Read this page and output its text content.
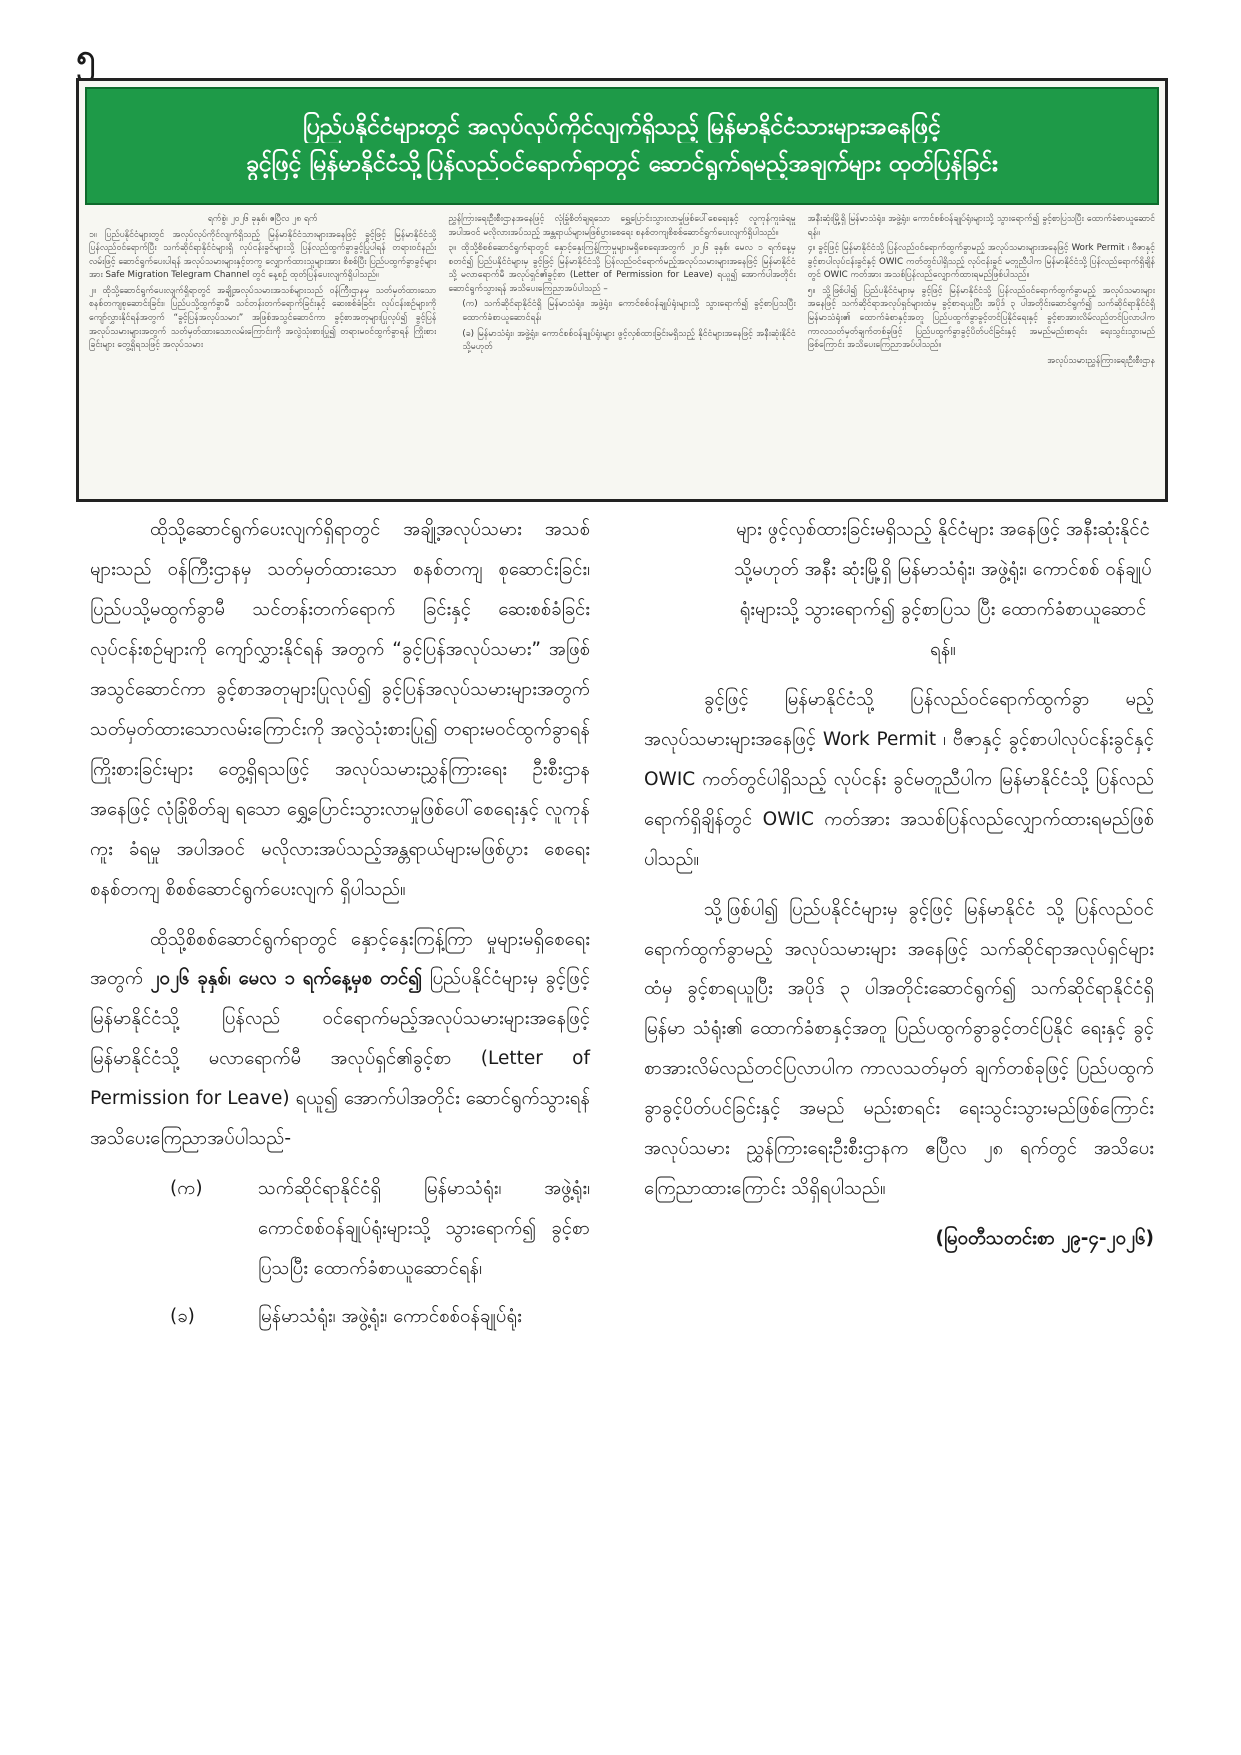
၅
ပြည်ပနိုင်ငံများတွင် အလုပ်လုပ်ကိုင်လျက်ရှိသည့် မြန်မာနိုင်ငံသားများအနေဖြင့်
ခွင့်ဖြင့် မြန်မာနိုင်ငံသို့ပြန်လည်ဝင်ရောက်ရာတွင် ဆောင်ရွက်ရမည့်အချက်များ ထုတ်ပြန်ခြင်း

ရက်စွဲ၊ ၂၀၂၆ ခုနှစ်၊ ဧပြီလ ၂၈ ရက်

၁။ ပြည်ပနိုင်ငံများတွင် အလုပ်လုပ်ကိုင်လျက်ရှိသည့် မြန်မာနိုင်ငံသားများအနေဖြင့် ခွင့်ဖြင့် မြန်မာနိုင်ငံသို့ပြန်လည်ဝင်ရောက်ပြီး သက်ဆိုင်ရာနိုင်ငံများရှိ လုပ်ငန်းခွင်များသို့ ပြန်လည်ထွက်ခွာခွင့်ပြုပါရန် တရားဝင်နည်းလမ်းဖြင့် ဆောင်ရွက်ပေးပါရန် အလုပ်သမားများနှင့်တကွ လျှောက်ထားသူများအား စိစစ်ပြီး ပြည်ပထွက်ခွာခွင့်များအား Safe Migration Telegram Channel တွင် နေ့စဉ် ထုတ်ပြန်ပေးလျက်ရှိပါသည်။

၂။ ထိုသို့ဆောင်ရွက်ပေးလျက်ရှိရာတွင် အချို့အလုပ်သမားအသစ်များသည် ဝန်ကြီးဌာနမှ သတ်မှတ်ထားသော စနစ်တကျစုဆောင်းခြင်း၊ ပြည်ပသို့ထွက်ခွာမီ သင်တန်းတက်ရောက်ခြင်းနှင့် ဆေးစစ်ခံခြင်း လုပ်ငန်းစဉ်များကို ကျော်လွှားနိုင်ရန်အတွက် “ခွင့်ပြန်အလုပ်သမား” အဖြစ်အသွင်ဆောင်ကာ ခွင့်စာအတုများပြုလုပ်၍ ခွင့်ပြန်အလုပ်သမားများအတွက် သတ်မှတ်ထားသောလမ်းကြောင်းကို အလွဲသုံးစားပြု၍ တရားမဝင်ထွက်ခွာရန် ကြိုးစားခြင်းများ တွေ့ရှိရသဖြင့် အလုပ်သမား

ညွှန်ကြားရေးဦးစီးဌာနအနေဖြင့် လုံခြုံစိတ်ချရသော ရွှေ့ပြောင်းသွားလာမှုဖြစ်ပေါ်စေရေးနှင့် လူကုန်ကူးခံရမှုအပါအဝင် မလိုလားအပ်သည့် အန္တရာယ်များမဖြစ်ပွားစေရေး စနစ်တကျစိစစ်ဆောင်ရွက်ပေးလျက်ရှိပါသည်။

၃။ ထိုသို့စိစစ်ဆောင်ရွက်ရာတွင် နှောင့်နှေးကြန့်ကြာမှုများမရှိစေရေးအတွက် ၂၀၂၆ ခုနှစ်၊ မေလ ၁ ရက်နေ့မှစတင်၍ ပြည်ပနိုင်ငံများမှ ခွင့်ဖြင့် မြန်မာနိုင်ငံသို့ ပြန်လည်ဝင်ရောက်မည့်အလုပ်သမားများအနေဖြင့် မြန်မာနိုင်ငံသို့ မလာရောက်မီ အလုပ်ရှင်၏ခွင့်စာ (Letter of Permission for Leave) ရယူ၍ အောက်ပါအတိုင်း ဆောင်ရွက်သွားရန် အသိပေးကြေညာအပ်ပါသည် –

(က) သက်ဆိုင်ရာနိုင်ငံရှိ မြန်မာသံရုံး၊ အဖွဲ့ရုံး၊ ကောင်စစ်ဝန်ချုပ်ရုံးများသို့ သွားရောက်၍ ခွင့်စာပြသပြီး ထောက်ခံစာယူဆောင်ရန်၊

(ခ) မြန်မာသံရုံး၊ အဖွဲ့ရုံး၊ ကောင်စစ်ဝန်ချုပ်ရုံးများ ဖွင့်လှစ်ထားခြင်းမရှိသည့် နိုင်ငံများအနေဖြင့် အနီးဆုံးနိုင်ငံ သို့မဟုတ်

အနီးဆုံးမြို့ရှိ မြန်မာသံရုံး၊ အဖွဲ့ရုံး၊ ကောင်စစ်ဝန်ချုပ်ရုံးများသို့ သွားရောက်၍ ခွင့်စာပြသပြီး ထောက်ခံစာယူဆောင်ရန်။

၄။ ခွင့်ဖြင့် မြန်မာနိုင်ငံသို့ ပြန်လည်ဝင်ရောက်ထွက်ခွာမည့် အလုပ်သမားများအနေဖြင့် Work Permit ၊ ဗီဇာနှင့် ခွင့်စာပါလုပ်ငန်းခွင်နှင့် OWIC ကတ်တွင်ပါရှိသည့် လုပ်ငန်းခွင် မတူညီပါက မြန်မာနိုင်ငံသို့ ပြန်လည်ရောက်ရှိချိန်တွင် OWIC ကတ်အား အသစ်ပြန်လည်လျှောက်ထားရမည်ဖြစ်ပါသည်။

၅။ သို့ဖြစ်ပါ၍ ပြည်ပနိုင်ငံများမှ ခွင့်ဖြင့် မြန်မာနိုင်ငံသို့ ပြန်လည်ဝင်ရောက်ထွက်ခွာမည့် အလုပ်သမားများအနေဖြင့် သက်ဆိုင်ရာအလုပ်ရှင်များထံမှ ခွင့်စာရယူပြီး အပိုဒ် ၃ ပါအတိုင်းဆောင်ရွက်၍ သက်ဆိုင်ရာနိုင်ငံရှိ မြန်မာသံရုံး၏ ထောက်ခံစာနှင့်အတူ ပြည်ပထွက်ခွာခွင့်တင်ပြနိုင်ရေးနှင့် ခွင့်စာအားလိမ်လည်တင်ပြလာပါက ကာလသတ်မှတ်ချက်တစ်ခုဖြင့် ပြည်ပထွက်ခွာခွင့်ပိတ်ပင်ခြင်းနှင့် အမည်မည်းစာရင်း ရေးသွင်းသွားမည်ဖြစ်ကြောင်း အသိပေးကြေညာအပ်ပါသည်။

အလုပ်သမားညွှန်ကြားရေးဦးစီးဌာန

ထိုသို့ဆောင်ရွက်ပေးလျက်ရှိရာတွင် အချို့အလုပ်သမား အသစ်များသည် ဝန်ကြီးဌာနမှ သတ်မှတ်ထားသော စနစ်တကျ စုဆောင်းခြင်း၊ ပြည်ပသို့မထွက်ခွာမီ သင်တန်းတက်ရောက် ခြင်းနှင့် ဆေးစစ်ခံခြင်းလုပ်ငန်းစဉ်များကို ကျော်လွှားနိုင်ရန် အတွက် “ခွင့်ပြန်အလုပ်သမား” အဖြစ် အသွင်ဆောင်ကာ ခွင့်စာအတုများပြုလုပ်၍ ခွင့်ပြန်အလုပ်သမားများအတွက် သတ်မှတ်ထားသောလမ်းကြောင်းကို အလွဲသုံးစားပြု၍ တရားမဝင်ထွက်ခွာရန်ကြိုးစားခြင်းများ တွေ့ရှိရသဖြင့် အလုပ်သမားညွှန်ကြားရေး ဦးစီးဌာနအနေဖြင့် လုံခြုံစိတ်ချ ရသော ရွှေ့ပြောင်းသွားလာမှုဖြစ်ပေါ်စေရေးနှင့် လူကုန်ကူး ခံရမှု အပါအဝင် မလိုလားအပ်သည့်အန္တရာယ်များမဖြစ်ပွား စေရေး စနစ်တကျ စိစစ်ဆောင်ရွက်ပေးလျက် ရှိပါသည်။

ထိုသို့စိစစ်ဆောင်ရွက်ရာတွင် နှောင့်နှေးကြန့်ကြာ မှုများမရှိစေရေးအတွက် ၂၀၂၆ ခုနှစ်၊ မေလ ၁ ရက်နေ့မှစ တင်၍ ပြည်ပနိုင်ငံများမှ ခွင့်ဖြင့် မြန်မာနိုင်ငံသို့ ပြန်လည် ဝင်ရောက်မည့်အလုပ်သမားများအနေဖြင့် မြန်မာနိုင်ငံသို့ မလာရောက်မီ အလုပ်ရှင်၏ခွင့်စာ (Letter of Permission for Leave) ရယူ၍ အောက်ပါအတိုင်း ဆောင်ရွက်သွားရန် အသိပေးကြေညာအပ်ပါသည်-

(က)	သက်ဆိုင်ရာနိုင်ငံရှိ မြန်မာသံရုံး၊ အဖွဲ့ရုံး၊ ကောင်စစ်ဝန်ချုပ်ရုံးများသို့ သွားရောက်၍ ခွင့်စာပြသပြီး ထောက်ခံစာယူဆောင်ရန်၊
(ခ)	မြန်မာသံရုံး၊ အဖွဲ့ရုံး၊ ကောင်စစ်ဝန်ချုပ်ရုံး

များ ဖွင့်လှစ်ထားခြင်းမရှိသည့် နိုင်ငံများ အနေဖြင့် အနီးဆုံးနိုင်ငံ သို့မဟုတ် အနီး ဆုံးမြို့ရှိ မြန်မာသံရုံး၊ အဖွဲ့ရုံး၊ ကောင်စစ် ဝန်ချုပ်ရုံးများသို့ သွားရောက်၍ ခွင့်စာပြသ ပြီး ထောက်ခံစာယူဆောင်ရန်။

ခွင့်ဖြင့် မြန်မာနိုင်ငံသို့ ပြန်လည်ဝင်ရောက်ထွက်ခွာ မည့် အလုပ်သမားများအနေဖြင့် Work Permit ၊ ဗီဇာနှင့် ခွင့်စာပါလုပ်ငန်းခွင်နှင့် OWIC ကတ်တွင်ပါရှိသည့် လုပ်ငန်း ခွင်မတူညီပါက မြန်မာနိုင်ငံသို့ ပြန်လည်ရောက်ရှိချိန်တွင် OWIC ကတ်အား အသစ်ပြန်လည်လျှောက်ထားရမည်ဖြစ် ပါသည်။

သို့ဖြစ်ပါ၍ ပြည်ပနိုင်ငံများမှ ခွင့်ဖြင့် မြန်မာနိုင်ငံ သို့ ပြန်လည်ဝင်ရောက်ထွက်ခွာမည့် အလုပ်သမားများ အနေဖြင့် သက်ဆိုင်ရာအလုပ်ရှင်များထံမှ ခွင့်စာရယူပြီး အပိုဒ် ၃ ပါအတိုင်းဆောင်ရွက်၍ သက်ဆိုင်ရာနိုင်ငံရှိ မြန်မာ သံရုံး၏ ထောက်ခံစာနှင့်အတူ ပြည်ပထွက်ခွာခွင့်တင်ပြနိုင် ရေးနှင့် ခွင့်စာအားလိမ်လည်တင်ပြလာပါက ကာလသတ်မှတ် ချက်တစ်ခုဖြင့် ပြည်ပထွက်ခွာခွင့်ပိတ်ပင်ခြင်းနှင့် အမည် မည်းစာရင်း ရေးသွင်းသွားမည်ဖြစ်ကြောင်း အလုပ်သမား ညွှန်ကြားရေးဦးစီးဌာနက ဧပြီလ ၂၈ ရက်တွင် အသိပေး ကြေညာထားကြောင်း သိရှိရပါသည်။

(မြဝတီသတင်းစာ ၂၉-၄-၂၀၂၆)
